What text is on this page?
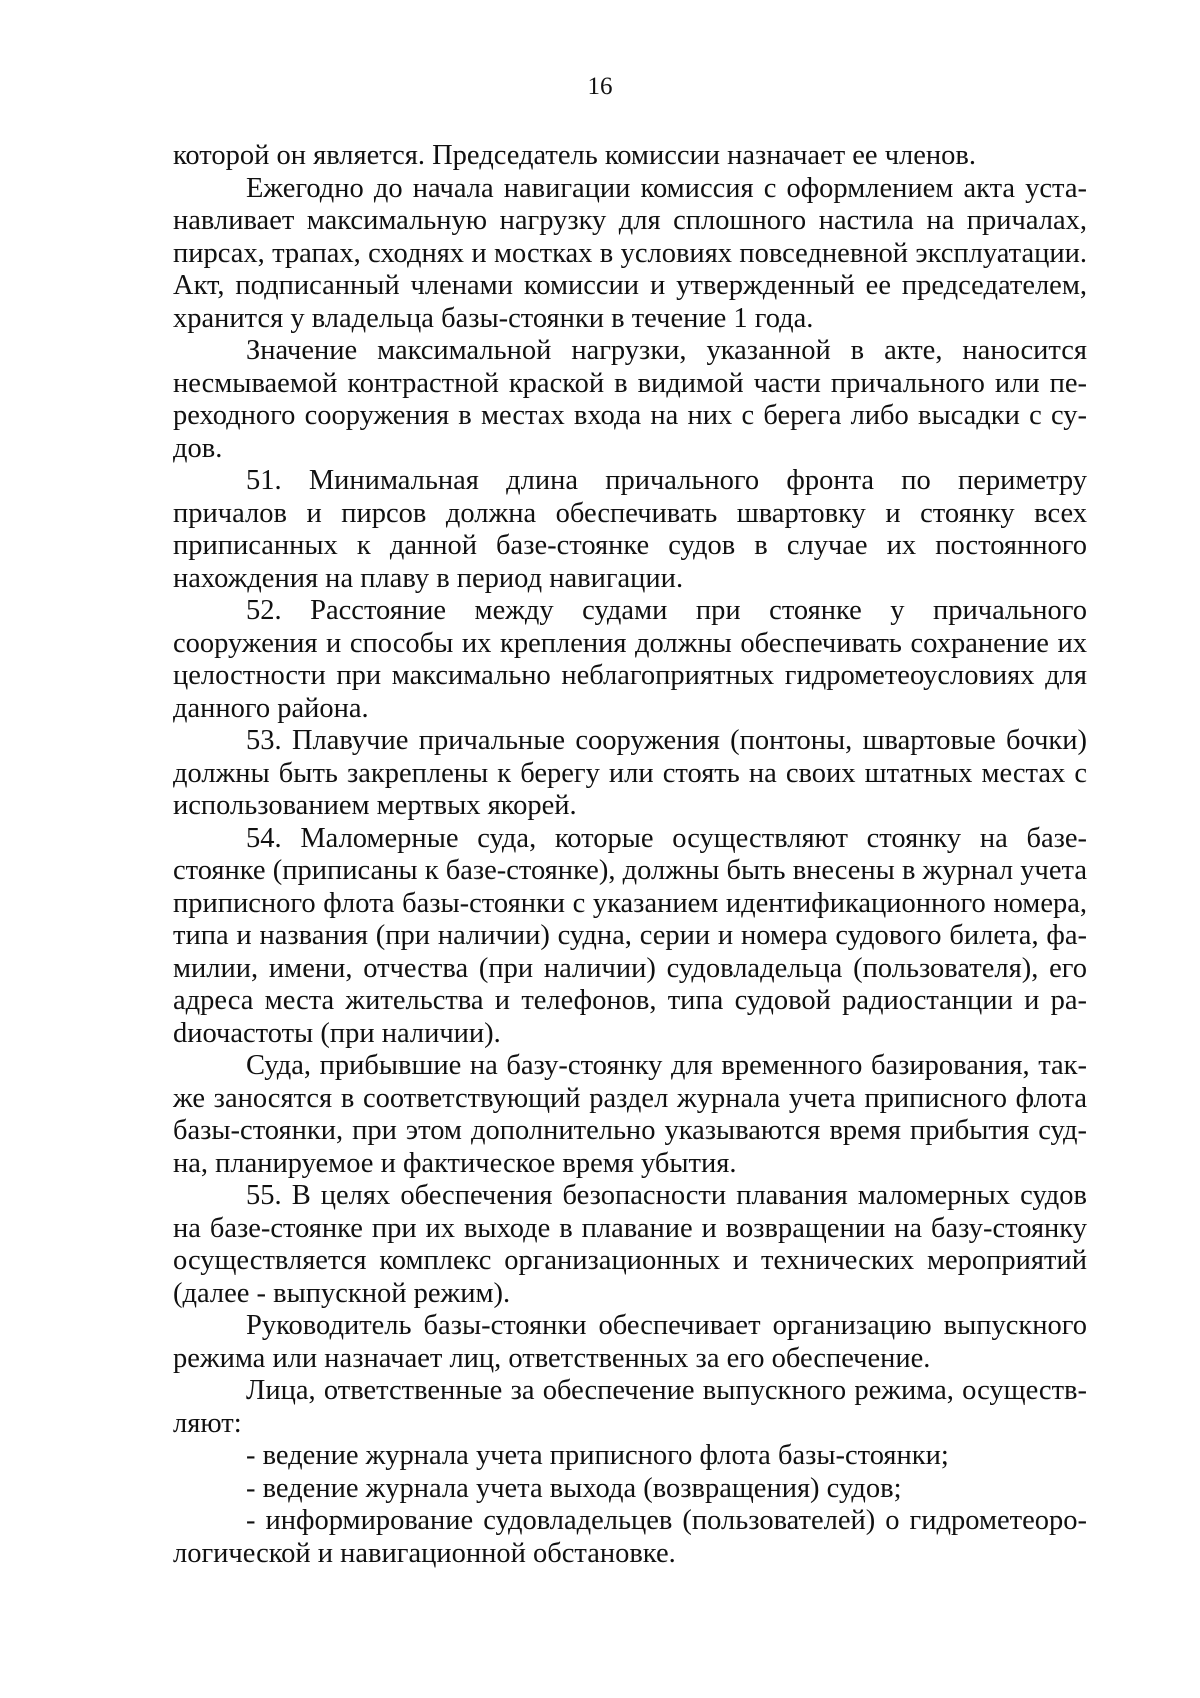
16

которой он является. Председатель комиссии назначает ее членов.

Ежегодно до начала навигации комиссия с оформлением акта устанавливает максимальную нагрузку для сплошного настила на причалах, пирсах, трапах, сходнях и мостках в условиях повседневной эксплуатации. Акт, подписанный членами комиссии и утвержденный ее председателем, хранится у владельца базы-стоянки в течение 1 года.

Значение максимальной нагрузки, указанной в акте, наносится несмываемой контрастной краской в видимой части причального или переходного сооружения в местах входа на них с берега либо высадки с судов.

51. Минимальная длина причального фронта по периметру причалов и пирсов должна обеспечивать швартовку и стоянку всех приписанных к данной базе-стоянке судов в случае их постоянного нахождения на плаву в период навигации.

52. Расстояние между судами при стоянке у причального сооружения и способы их крепления должны обеспечивать сохранение их целостности при максимально неблагоприятных гидрометеоусловиях для данного района.

53. Плавучие причальные сооружения (понтоны, швартовые бочки) должны быть закреплены к берегу или стоять на своих штатных местах с использованием мертвых якорей.

54. Маломерные суда, которые осуществляют стоянку на базе-стоянке (приписаны к базе-стоянке), должны быть внесены в журнал учета приписного флота базы-стоянки с указанием идентификационного номера, типа и названия (при наличии) судна, серии и номера судового билета, фамилии, имени, отчества (при наличии) судовладельца (пользователя), его адреса места жительства и телефонов, типа судовой радиостанции и раdиочастоты (при наличии).

Суда, прибывшие на базу-стоянку для временного базирования, также заносятся в соответствующий раздел журнала учета приписного флота базы-стоянки, при этом дополнительно указываются время прибытия судна, планируемое и фактическое время убытия.

55. В целях обеспечения безопасности плавания маломерных судов на базе-стоянке при их выходе в плавание и возвращении на базу-стоянку осуществляется комплекс организационных и технических мероприятий (далее - выпускной режим).

Руководитель базы-стоянки обеспечивает организацию выпускного режима или назначает лиц, ответственных за его обеспечение.

Лица, ответственные за обеспечение выпускного режима, осуществляют:

- ведение журнала учета приписного флота базы-стоянки;

- ведение журнала учета выхода (возвращения) судов;

- информирование судовладельцев (пользователей) о гидрометеорологической и навигационной обстановке.
